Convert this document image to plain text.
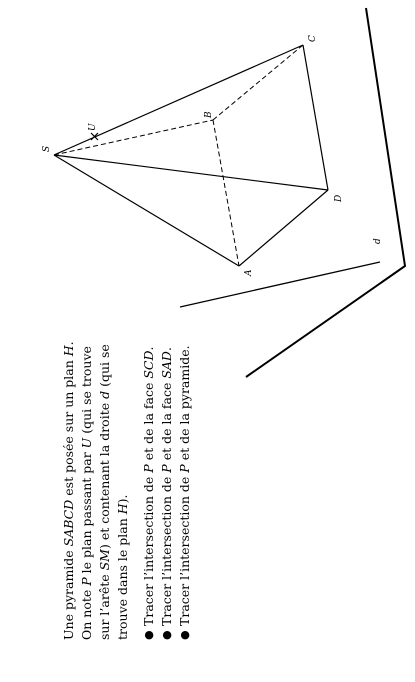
S
U
B
C
D
A
d

Une pyramide SABCD est posée sur un plan H.

On note P le plan passant par U (qui se trouve

sur l’arête SM) et contenant la droite d (qui se

trouve dans le plan H).

● Tracer l’intersection de P et de la face SCD.
● Tracer l’intersection de P et de la face SAD.
● Tracer l’intersection de P et de la pyramide.
